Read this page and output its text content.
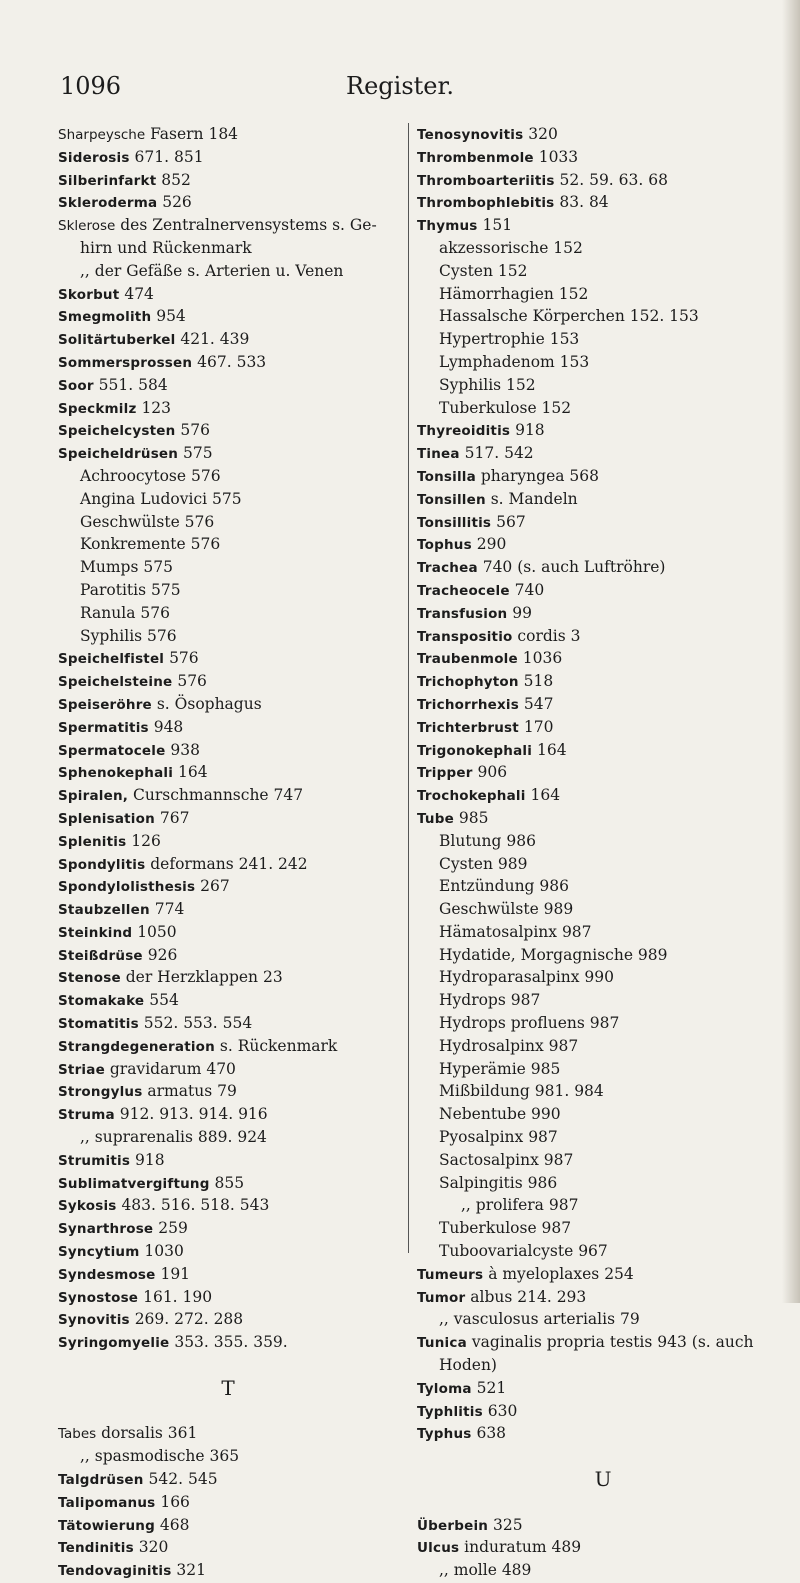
1096	Register.
Sharpeysche Fasern 184
Siderosis 671. 851
Silberinfarkt 852
Skleroderma 526
Sklerose des Zentralnervensystems s. Ge-
hirn und Rückenmark
,, der Gefäße s. Arterien u. Venen
Skorbut 474
Smegmolith 954
Solitärtuberkel 421. 439
Sommersprossen 467. 533
Soor 551. 584
Speckmilz 123
Speichelcysten 576
Speicheldrüsen 575
Achroocytose 576
Angina Ludovici 575
Geschwülste 576
Konkremente 576
Mumps 575
Parotitis 575
Ranula 576
Syphilis 576
Speichelfistel 576
Speichelsteine 576
Speiseröhre s. Ösophagus
Spermatitis 948
Spermatocele 938
Sphenokephali 164
Spiralen, Curschmannsche 747
Splenisation 767
Splenitis 126
Spondylitis deformans 241. 242
Spondylolisthesis 267
Staubzellen 774
Steinkind 1050
Steißdrüse 926
Stenose der Herzklappen 23
Stomakake 554
Stomatitis 552. 553. 554
Strangdegeneration s. Rückenmark
Striae gravidarum 470
Strongylus armatus 79
Struma 912. 913. 914. 916
,, suprarenalis 889. 924
Strumitis 918
Sublimatvergiftung 855
Sykosis 483. 516. 518. 543
Synarthrose 259
Syncytium 1030
Syndesmose 191
Synostose 161. 190
Synovitis 269. 272. 288
Syringomyelie 353. 355. 359.
T
Tabes dorsalis 361
,, spasmodische 365
Talgdrüsen 542. 545
Talipomanus 166
Tätowierung 468
Tendinitis 320
Tendovaginitis 321
Tenosynovitis 320
Thrombenmole 1033
Thromboarteriitis 52. 59. 63. 68
Thrombophlebitis 83. 84
Thymus 151
akzessorische 152
Cysten 152
Hämorrhagien 152
Hassalsche Körperchen 152. 153
Hypertrophie 153
Lymphadenom 153
Syphilis 152
Tuberkulose 152
Thyreoiditis 918
Tinea 517. 542
Tonsilla pharyngea 568
Tonsillen s. Mandeln
Tonsillitis 567
Tophus 290
Trachea 740 (s. auch Luftröhre)
Tracheocele 740
Transfusion 99
Transpositio cordis 3
Traubenmole 1036
Trichophyton 518
Trichorrhexis 547
Trichterbrust 170
Trigonokephali 164
Tripper 906
Trochokephali 164
Tube 985
Blutung 986
Cysten 989
Entzündung 986
Geschwülste 989
Hämatosalpinx 987
Hydatide, Morgagnische 989
Hydroparasalpinx 990
Hydrops 987
Hydrops profluens 987
Hydrosalpinx 987
Hyperämie 985
Mißbildung 981. 984
Nebentube 990
Pyosalpinx 987
Sactosalpinx 987
Salpingitis 986
,, prolifera 987
Tuberkulose 987
Tuboovarialcyste 967
Tumeurs à myeloplaxes 254
Tumor albus 214. 293
,, vasculosus arterialis 79
Tunica vaginalis propria testis 943 (s. auch
Hoden)
Tyloma 521
Typhlitis 630
Typhus 638
U
Überbein 325
Ulcus induratum 489
,, molle 489
